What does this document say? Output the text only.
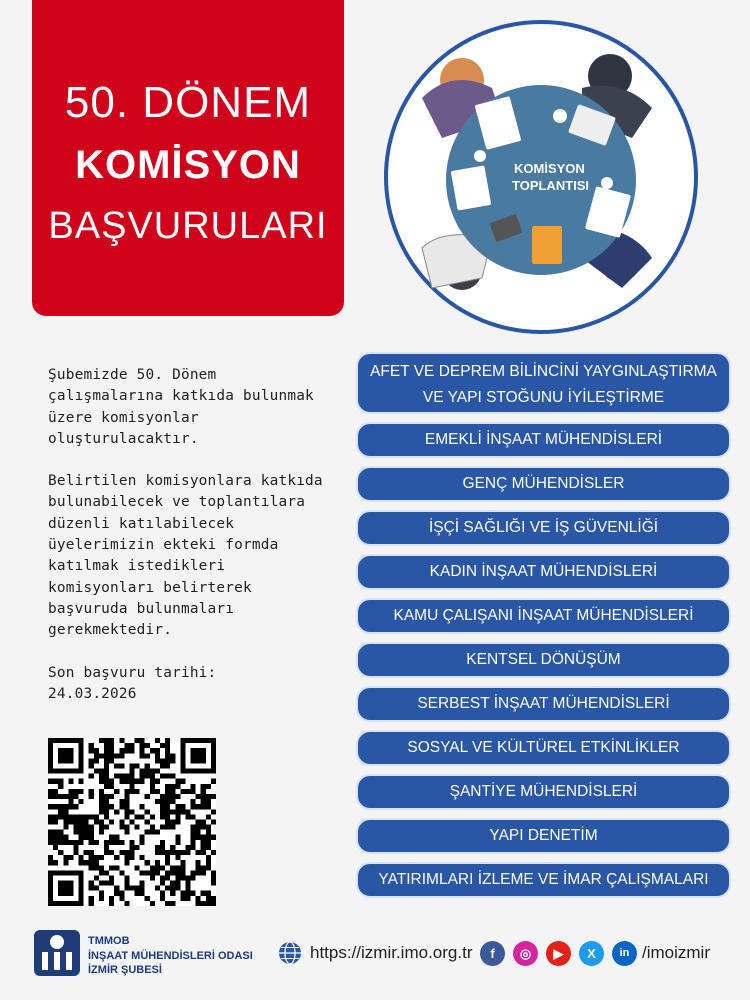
50. DÖNEM
KOMİSYON
BAŞVURULARI
KOMİSYON
TOPLANTISI

Şubemizde 50. Dönem çalışmalarına katkıda bulunmak üzere komisyonlar oluşturulacaktır.

Belirtilen komisyonlara katkıda bulunabilecek ve toplantılara düzenli katılabilecek üyelerimizin ekteki formda katılmak istedikleri komisyonları belirterek başvuruda bulunmaları gerekmektedir.

Son başvuru tarihi:
24.03.2026
AFET VE DEPREM BİLİNCİNİ YAYGINLAŞTIRMA
VE YAPI STOĞUNU İYİLEŞTİRME
EMEKLİ İNŞAAT MÜHENDİSLERİ
GENÇ MÜHENDİSLER
İŞÇİ SAĞLIĞI VE İŞ GÜVENLİĞİ
KADIN İNŞAAT MÜHENDİSLERİ
KAMU ÇALIŞANI İNŞAAT MÜHENDİSLERİ
KENTSEL DÖNÜŞÜM
SERBEST İNŞAAT MÜHENDİSLERİ
SOSYAL VE KÜLTÜREL ETKİNLİKLER
ŞANTİYE MÜHENDİSLERİ
YAPI DENETİM
YATIRIMLARI İZLEME VE İMAR ÇALIŞMALARI
TMMOB
İNŞAAT MÜHENDİSLERİ ODASI
İZMİR ŞUBESİ
https://izmir.imo.org.tr	f	◎	▶	X	in /imoizmir
